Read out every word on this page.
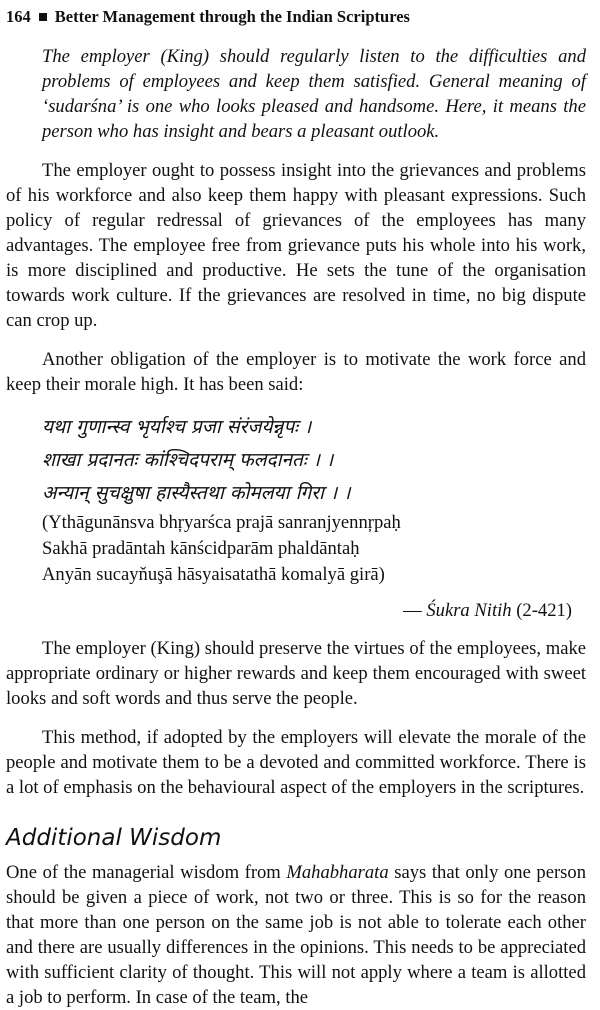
164 Better Management through the Indian Scriptures
The employer (King) should regularly listen to the difficulties and problems of employees and keep them satisfied. General meaning of ‘sudarśna’ is one who looks pleased and handsome. Here, it means the person who has insight and bears a pleasant outlook.

The employer ought to possess insight into the grievances and problems of his workforce and also keep them happy with pleasant expressions. Such policy of regular redressal of grievances of the employees has many advantages. The employee free from grievance puts his whole into his work, is more disciplined and productive. He sets the tune of the organisation towards work culture. If the grievances are resolved in time, no big dispute can crop up.

Another obligation of the employer is to motivate the work force and keep their morale high. It has been said:

यथा गुणान्स्व भृर्याश्च प्रजा संरंजयेन्नृपः ।
शाखा प्रदानतः कांश्चिदपराम् फलदानतः । ।
अन्यान् सुचक्षुषा हास्यैस्तथा कोमलया गिरा । ।
(Ythāgunānsva bhŗyarśca prajā sanranjyennŗpaḥ
Sakhā pradāntah kānścidparām phaldāntaḥ
Anyān sucayňuşā hāsyaisatathā komalyā girā)
— Śukra Nitih (2-421)

The employer (King) should preserve the virtues of the employees, make appropriate ordinary or higher rewards and keep them encouraged with sweet looks and soft words and thus serve the people.

This method, if adopted by the employers will elevate the morale of the people and motivate them to be a devoted and committed workforce. There is a lot of emphasis on the behavioural aspect of the employers in the scriptures.

Additional Wisdom

One of the managerial wisdom from Mahabharata says that only one person should be given a piece of work, not two or three. This is so for the reason that more than one person on the same job is not able to tolerate each other and there are usually differences in the opinions. This needs to be appreciated with sufficient clarity of thought. This will not apply where a team is allotted a job to perform. In case of the team, the
